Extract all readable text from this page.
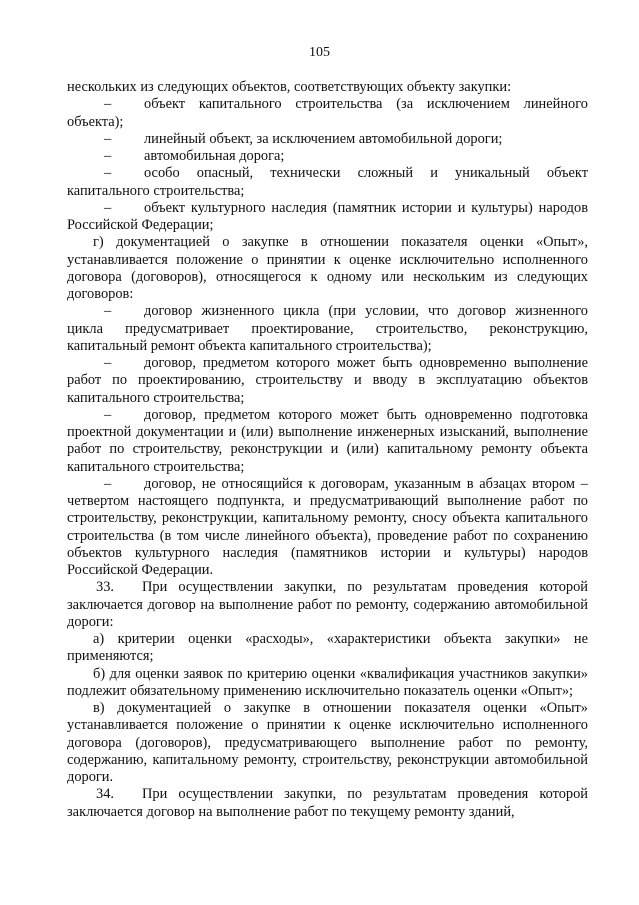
105

нескольких из следующих объектов, соответствующих объекту закупки:

– объект капитального строительства (за исключением линейного объекта);

– линейный объект, за исключением автомобильной дороги;

– автомобильная дорога;

– особо опасный, технически сложный и уникальный объект капитального строительства;

– объект культурного наследия (памятник истории и культуры) народов Российской Федерации;

г) документацией о закупке в отношении показателя оценки «Опыт», устанавливается положение о принятии к оценке исключительно исполненного договора (договоров), относящегося к одному или нескольким из следующих договоров:

– договор жизненного цикла (при условии, что договор жизненного цикла предусматривает проектирование, строительство, реконструкцию, капитальный ремонт объекта капитального строительства);

– договор, предметом которого может быть одновременно выполнение работ по проектированию, строительству и вводу в эксплуатацию объектов капитального строительства;

– договор, предметом которого может быть одновременно подготовка проектной документации и (или) выполнение инженерных изысканий, выполнение работ по строительству, реконструкции и (или) капитальному ремонту объекта капитального строительства;

– договор, не относящийся к договорам, указанным в абзацах втором – четвертом настоящего подпункта, и предусматривающий выполнение работ по строительству, реконструкции, капитальному ремонту, сносу объекта капитального строительства (в том числе линейного объекта), проведение работ по сохранению объектов культурного наследия (памятников истории и культуры) народов Российской Федерации.

33. При осуществлении закупки, по результатам проведения которой заключается договор на выполнение работ по ремонту, содержанию автомобильной дороги:

а) критерии оценки «расходы», «характеристики объекта закупки» не применяются;

б) для оценки заявок по критерию оценки «квалификация участников закупки» подлежит обязательному применению исключительно показатель оценки «Опыт»;

в) документацией о закупке в отношении показателя оценки «Опыт» устанавливается положение о принятии к оценке исключительно исполненного договора (договоров), предусматривающего выполнение работ по ремонту, содержанию, капитальному ремонту, строительству, реконструкции автомобильной дороги.

34. При осуществлении закупки, по результатам проведения которой заключается договор на выполнение работ по текущему ремонту зданий,
